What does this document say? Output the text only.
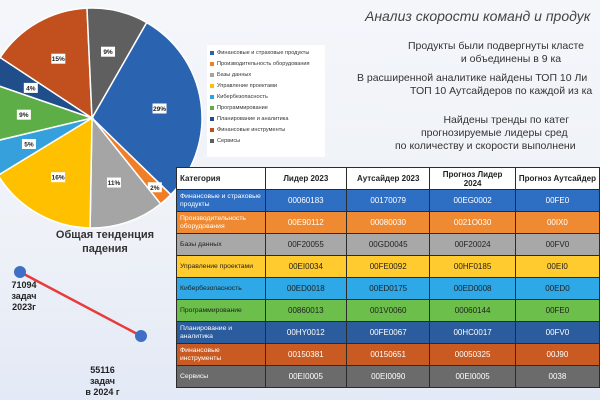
Анализ скорости команд и продук
Продукты были подвергнуты класте
и объединены в 9 ка
В расширенной аналитике найдены ТОП 10 Ли
ТОП 10 Аутсайдеров по каждой из ка
Найдены тренды по катег
прогнозируемые лидеры сред
по количеству и скорости выполнени
29%
2%
11%
16%
5%
9%
4%
15%
9%	Финансовые и страховые продукты
Производительность оборудования
Базы данных
Управление проектами
Кибербезопасность
Программирование
Планирование и аналитика
Финансовые инструменты
Сервисы
Общая тенденция падения
71094
задач
2023г
55116
задач
в 2024 г
Категория	Лидер 2023	Аутсайдер 2023	Прогноз Лидер 2024	Прогноз Аутсайдер
Финансовые и страховые продукты	00060183	00170079	00EG0002	00FE0
Производительность оборудования	00E90112	00080030	0021O030	00IX0
Базы данных	00F20055	00GD0045	00F20024	00FV0
Управление проектами	00EI0034	00FE0092	00HF0185	00EI0
Кибербезопасность	00ED0018	00ED0175	00ED0008	00ED0
Программирование	00860013	001V0060	00060144	00FE0
Планирование и аналитика	00HY0012	00FE0067	00HC0017	00FV0
Финансовые инструменты	00150381	00150651	00050325	00J90
Сервисы	00EI0005	00EI0090	00EI0005	0038
